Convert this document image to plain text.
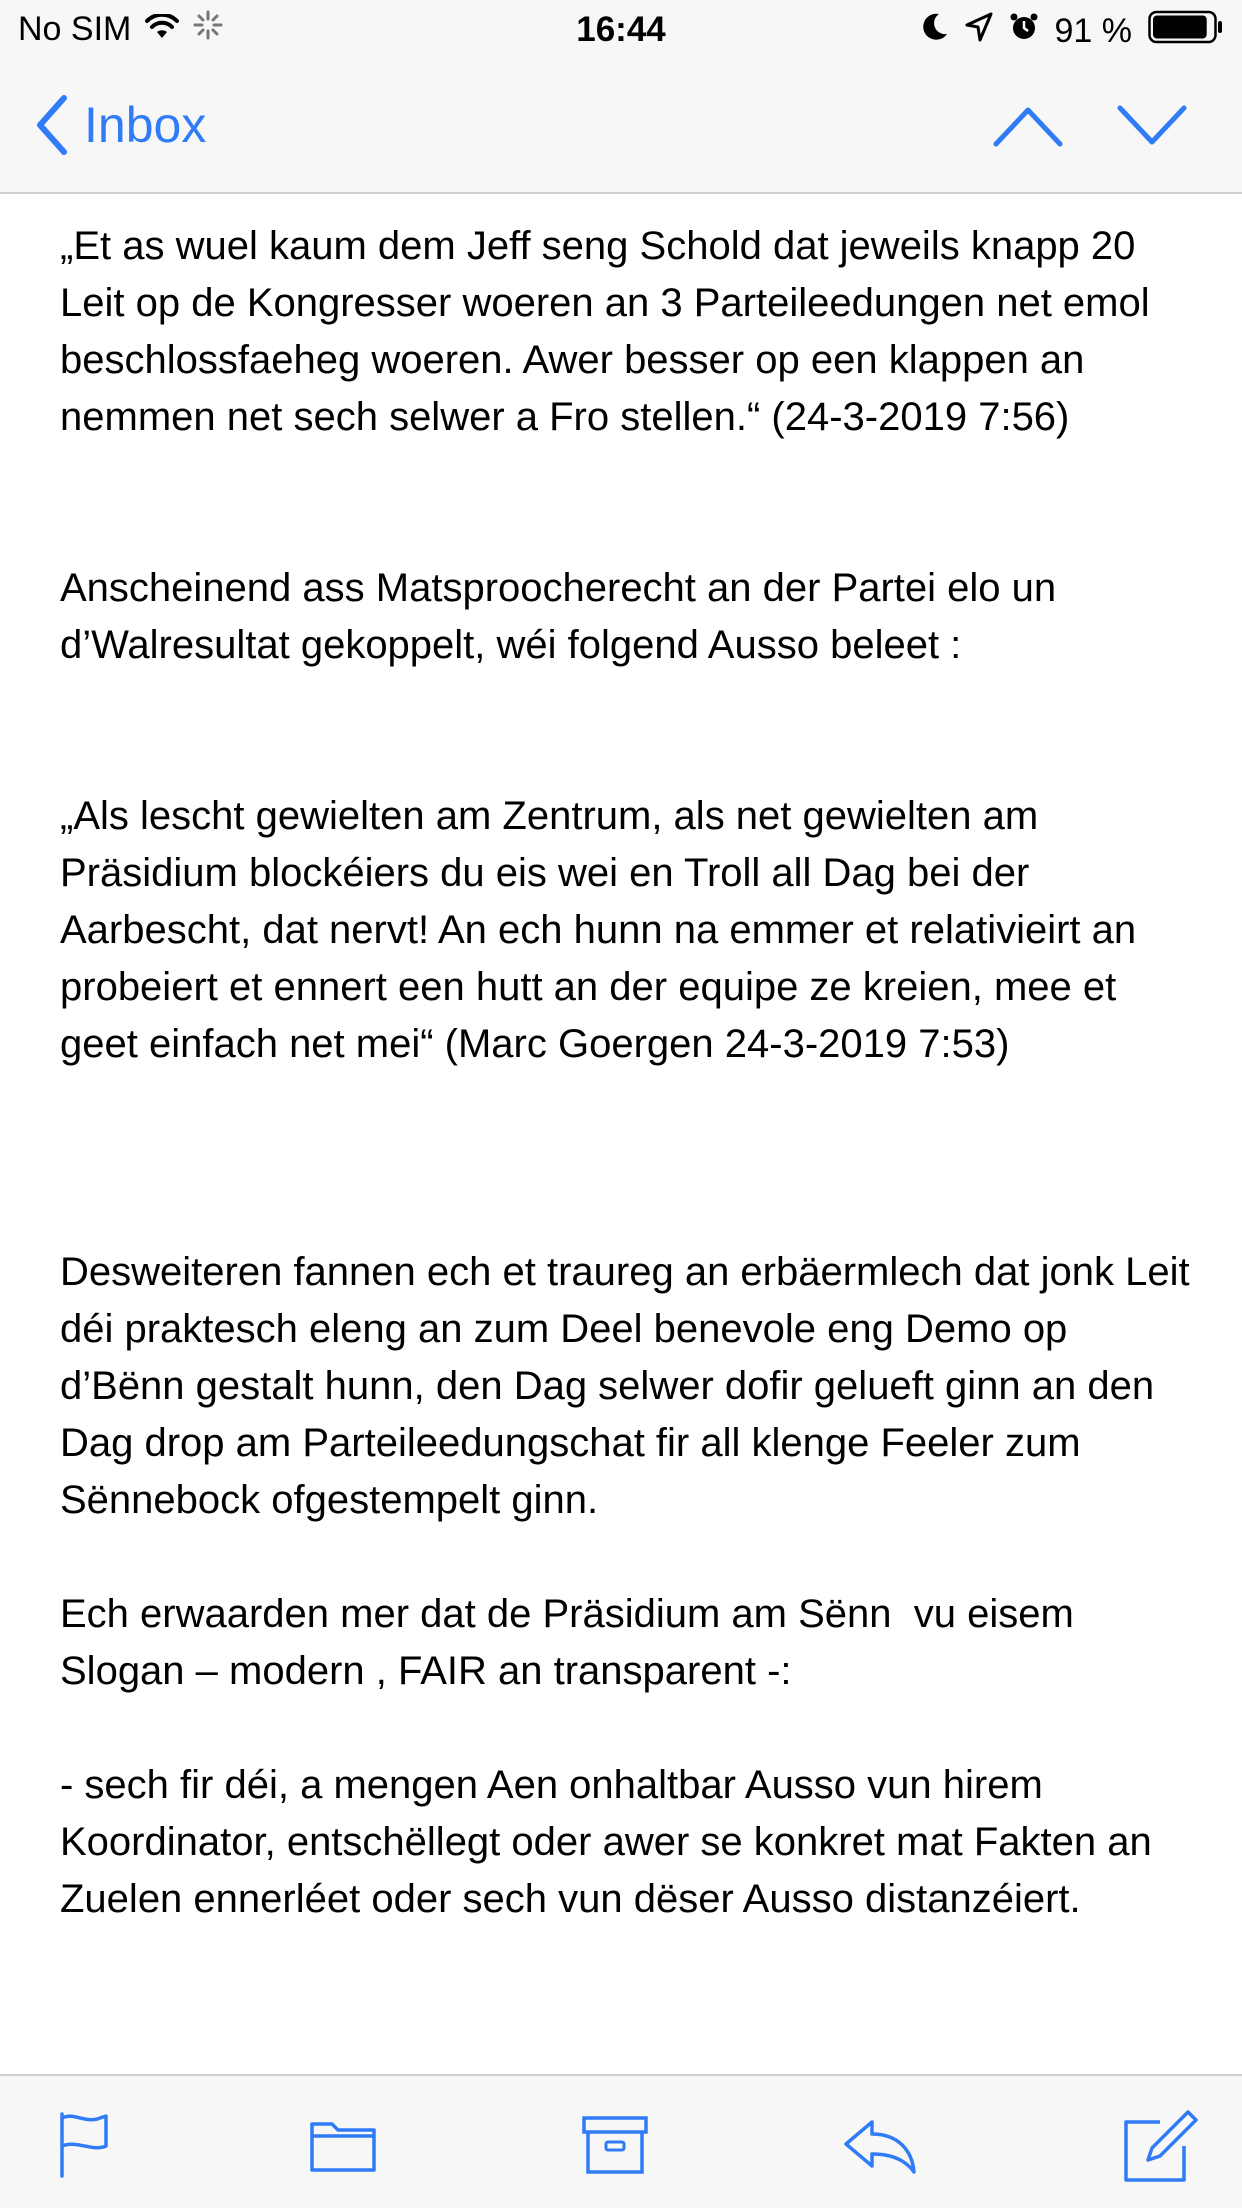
No SIM	16:44	91 %
Inbox

„Et as wuel kaum dem Jeff seng Schold dat jeweils knapp 20 Leit op de Kongresser woeren an 3 Parteileedungen net emol beschlossfaeheg woeren. Awer besser op een klappen an nemmen net sech selwer a Fro stellen.“ (24-3-2019 7:56)

Anscheinend ass Matsproocherecht an der Partei elo un d’Walresultat gekoppelt, wéi folgend Ausso beleet :

„Als lescht gewielten am Zentrum, als net gewielten am Präsidium blockéiers du eis wei en Troll all Dag bei der Aarbescht, dat nervt! An ech hunn na emmer et relativieirt an probeiert et ennert een hutt an der equipe ze kreien, mee et geet einfach net mei“ (Marc Goergen 24-3-2019 7:53)

Desweiteren fannen ech et traureg an erbäermlech dat jonk Leit déi praktesch eleng an zum Deel benevole eng Demo op d’Bënn gestalt hunn, den Dag selwer dofir gelueft ginn an den Dag drop am Parteileedungschat fir all klenge Feeler zum Sënnebock ofgestempelt ginn.

Ech erwaarden mer dat de Präsidium am Sënn  vu eisem Slogan – modern , FAIR an transparent -:

- sech fir déi, a mengen Aen onhaltbar Ausso vun hirem Koordinator, entschëllegt oder awer se konkret mat Fakten an Zuelen ennerléet oder sech vun dëser Ausso distanzéiert.
